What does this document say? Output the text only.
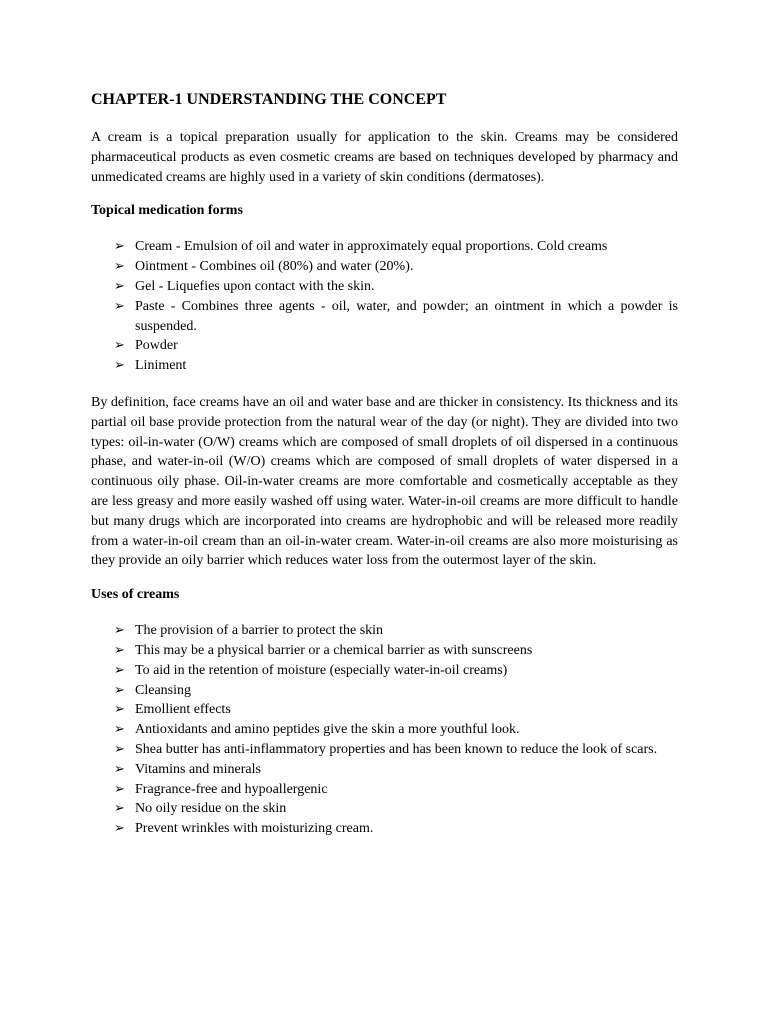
CHAPTER-1 UNDERSTANDING THE CONCEPT

A cream is a topical preparation usually for application to the skin. Creams may be considered pharmaceutical products as even cosmetic creams are based on techniques developed by pharmacy and unmedicated creams are highly used in a variety of skin conditions (dermatoses).

Topical medication forms
➢ Cream - Emulsion of oil and water in approximately equal proportions. Cold creams
➢ Ointment - Combines oil (80%) and water (20%).
➢ Gel - Liquefies upon contact with the skin.
➢ Paste - Combines three agents - oil, water, and powder; an ointment in which a powder is suspended.
➢ Powder
➢ Liniment

By definition, face creams have an oil and water base and are thicker in consistency. Its thickness and its partial oil base provide protection from the natural wear of the day (or night). They are divided into two types: oil-in-water (O/W) creams which are composed of small droplets of oil dispersed in a continuous phase, and water-in-oil (W/O) creams which are composed of small droplets of water dispersed in a continuous oily phase. Oil-in-water creams are more comfortable and cosmetically acceptable as they are less greasy and more easily washed off using water. Water-in-oil creams are more difficult to handle but many drugs which are incorporated into creams are hydrophobic and will be released more readily from a water-in-oil cream than an oil-in-water cream. Water-in-oil creams are also more moisturising as they provide an oily barrier which reduces water loss from the outermost layer of the skin.

Uses of creams
➢ The provision of a barrier to protect the skin
➢ This may be a physical barrier or a chemical barrier as with sunscreens
➢ To aid in the retention of moisture (especially water-in-oil creams)
➢ Cleansing
➢ Emollient effects
➢ Antioxidants and amino peptides give the skin a more youthful look.
➢ Shea butter has anti-inflammatory properties and has been known to reduce the look of scars.
➢ Vitamins and minerals
➢ Fragrance-free and hypoallergenic
➢ No oily residue on the skin
➢ Prevent wrinkles with moisturizing cream.
